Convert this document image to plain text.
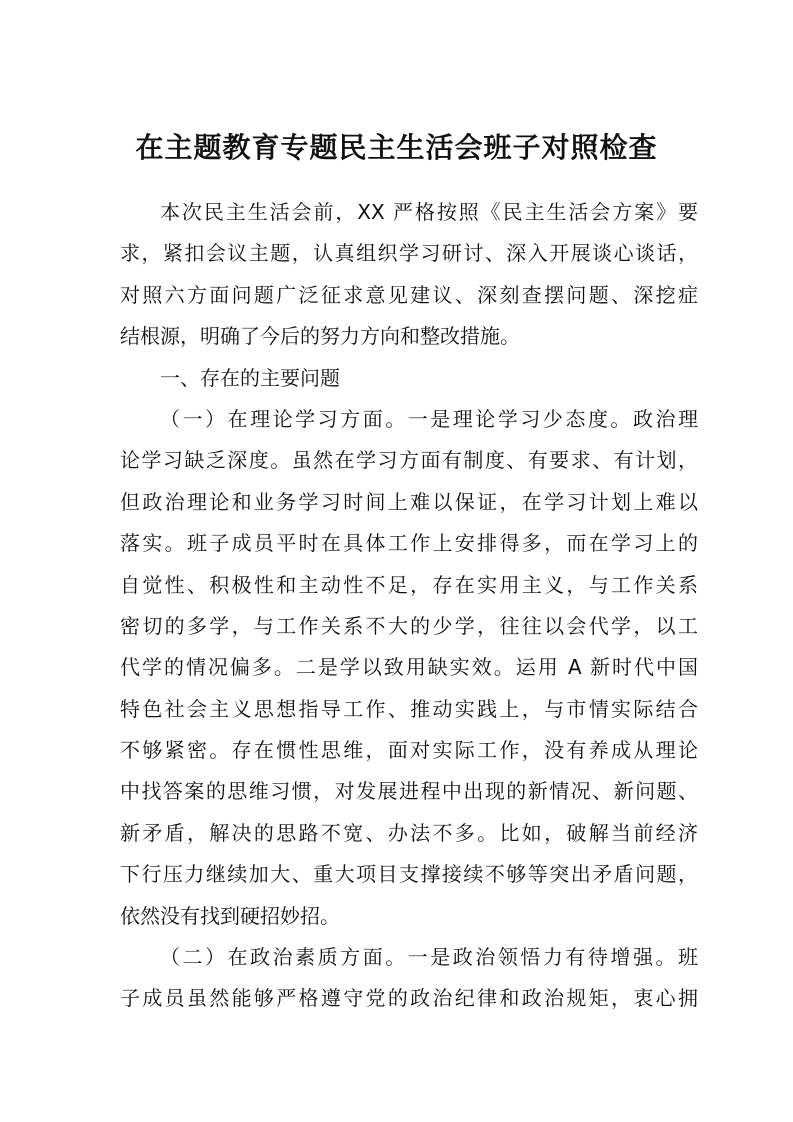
在主题教育专题民主生活会班子对照检查
本次民主生活会前，XX 严格按照《民主生活会方案》要
求，紧扣会议主题，认真组织学习研讨、深入开展谈心谈话，
对照六方面问题广泛征求意见建议、深刻查摆问题、深挖症
结根源，明确了今后的努力方向和整改措施。
一、存在的主要问题
（一）在理论学习方面。一是理论学习少态度。政治理
论学习缺乏深度。虽然在学习方面有制度、有要求、有计划，
但政治理论和业务学习时间上难以保证，在学习计划上难以
落实。班子成员平时在具体工作上安排得多，而在学习上的
自觉性、积极性和主动性不足，存在实用主义，与工作关系
密切的多学，与工作关系不大的少学，往往以会代学，以工
代学的情况偏多。二是学以致用缺实效。运用 A 新时代中国
特色社会主义思想指导工作、推动实践上，与市情实际结合
不够紧密。存在惯性思维，面对实际工作，没有养成从理论
中找答案的思维习惯，对发展进程中出现的新情况、新问题、
新矛盾，解决的思路不宽、办法不多。比如，破解当前经济
下行压力继续加大、重大项目支撑接续不够等突出矛盾问题，
依然没有找到硬招妙招。
（二）在政治素质方面。一是政治领悟力有待增强。班
子成员虽然能够严格遵守党的政治纪律和政治规矩，衷心拥
